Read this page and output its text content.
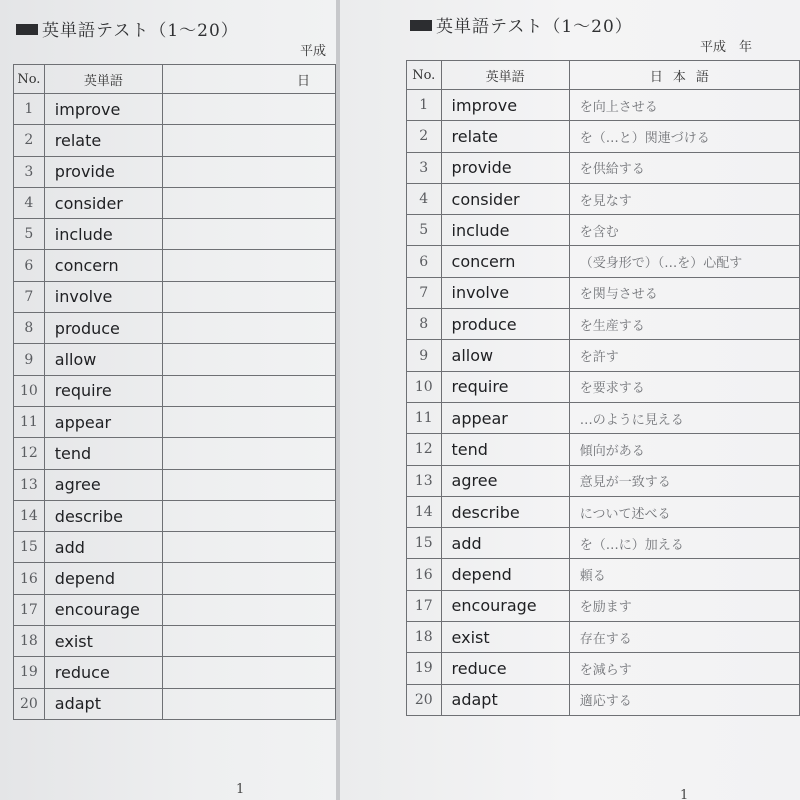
英単語テスト（1～20）
平成
No.	英単語	日
1	improve	
2	relate	
3	provide	
4	consider	
5	include	
6	concern	
7	involve	
8	produce	
9	allow	
10	require	
11	appear	
12	tend	
13	agree	
14	describe	
15	add	
16	depend	
17	encourage	
18	exist	
19	reduce	
20	adapt	
1
英単語テスト（1～20）
平成　年
No.	英単語	日本語
1	improve	を向上させる
2	relate	を（…と）関連づける
3	provide	を供給する
4	consider	を見なす
5	include	を含む
6	concern	（受身形で）（…を）心配す
7	involve	を関与させる
8	produce	を生産する
9	allow	を許す
10	require	を要求する
11	appear	…のように見える
12	tend	傾向がある
13	agree	意見が一致する
14	describe	について述べる
15	add	を（…に）加える
16	depend	頼る
17	encourage	を励ます
18	exist	存在する
19	reduce	を減らす
20	adapt	適応する
1
